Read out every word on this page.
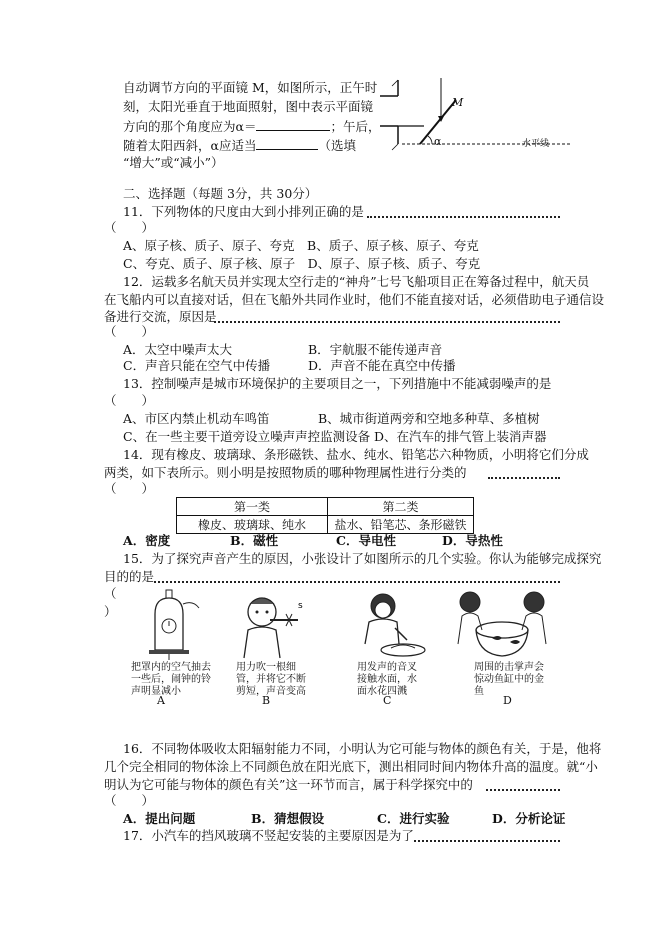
自动调节方向的平面镜 M，如图所示，正午时
刻，太阳光垂直于地面照射，图中表示平面镜
方向的那个角度应为α＝	；午后，
随着太阳西斜，α应适当	（选填
“增大”或“减小”）
M
α	水平线
二、选择题（每题 3分，共 30分）
11．下列物体的尺度由大到小排列正确的是
（　　）
A、原子核、质子、原子、夸克　B、质子、原子核、原子、夸克
C、夸克、质子、原子核、原子　D、原子、原子核、质子、夸克
12．运载多名航天员并实现太空行走的“神舟”七号飞船项目正在筹备过程中，航天员
在飞船内可以直接对话，但在飞船外共同作业时，他们不能直接对话，必须借助电子通信设
备进行交流，原因是
（　　）
A．太空中噪声太大	B．宇航服不能传递声音
C．声音只能在空气中传播	D．声音不能在真空中传播
13．控制噪声是城市环境保护的主要项目之一，下列措施中不能减弱噪声的是
（　　）
A、市区内禁止机动车鸣笛	B、城市街道两旁和空地多种草、多植树
C、在一些主要干道旁设立噪声声控监测设备 D、在汽车的排气管上装消声器
14．现有橡皮、玻璃球、条形磁铁、盐水、纯水、铅笔芯六种物质，小明将它们分成
两类，如下表所示。则小明是按照物质的哪种物理属性进行分类的
（　　）
第一类	第二类
橡皮、玻璃球、纯水	盐水、铅笔芯、条形磁铁
A．密度	B．磁性	C．导电性	D．导热性
15．为了探究声音产生的原因，小张设计了如图所示的几个实验。你认为能够完成探究
目的的是
（
）	s
把罩内的空气抽去一些后，闹钟的铃声明显减小
A
用力吹一根细管，并将它不断剪短，声音变高
B
用发声的音叉接触水面，水面水花四溅
C
周围的击掌声会惊动鱼缸中的金鱼
D
16．不同物体吸收太阳辐射能力不同，小明认为它可能与物体的颜色有关，于是，他将
几个完全相同的物体涂上不同颜色放在阳光底下，测出相同时间内物体升高的温度。就“小
明认为它可能与物体的颜色有关”这一环节而言，属于科学探究中的
（　　）
A．提出问题	B．猜想假设	C．进行实验	D．分析论证
17．小汽车的挡风玻璃不竖起安装的主要原因是为了
